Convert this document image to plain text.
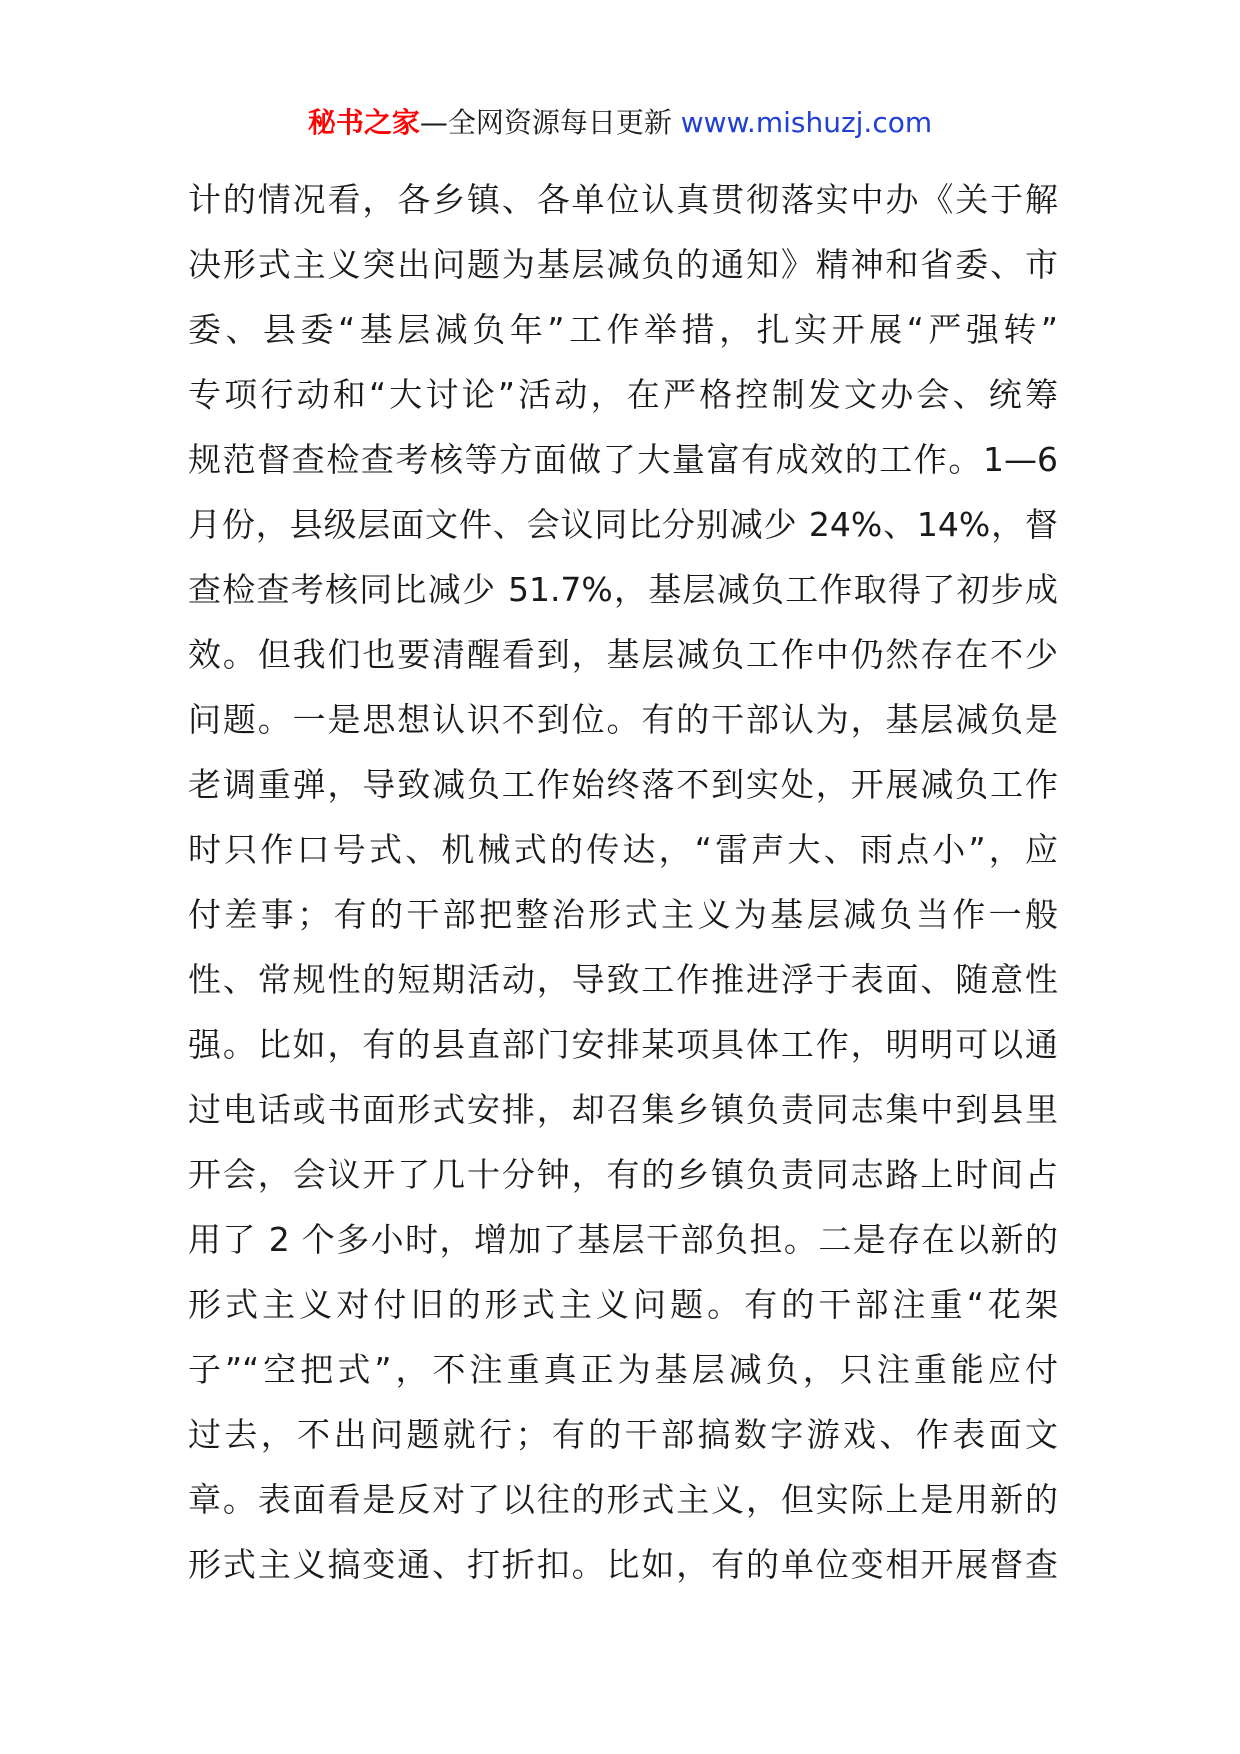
秘书之家—全网资源每日更新 www.mishuzj.com
计的情况看，各乡镇、各单位认真贯彻落实中办《关于解
决形式主义突出问题为基层减负的通知》精神和省委、市
委、县委“基层减负年”工作举措，扎实开展“严强转”
专项行动和“大讨论”活动，在严格控制发文办会、统筹
规范督查检查考核等方面做了大量富有成效的工作。1—6
月份，县级层面文件、会议同比分别减少 24%、14%，督
查检查考核同比减少 51.7%，基层减负工作取得了初步成
效。但我们也要清醒看到，基层减负工作中仍然存在不少
问题。一是思想认识不到位。有的干部认为，基层减负是
老调重弹，导致减负工作始终落不到实处，开展减负工作
时只作口号式、机械式的传达，“雷声大、雨点小”，应
付差事；有的干部把整治形式主义为基层减负当作一般
性、常规性的短期活动，导致工作推进浮于表面、随意性
强。比如，有的县直部门安排某项具体工作，明明可以通
过电话或书面形式安排，却召集乡镇负责同志集中到县里
开会，会议开了几十分钟，有的乡镇负责同志路上时间占
用了 2 个多小时，增加了基层干部负担。二是存在以新的
形式主义对付旧的形式主义问题。有的干部注重“花架
子”“空把式”，不注重真正为基层减负，只注重能应付
过去，不出问题就行；有的干部搞数字游戏、作表面文
章。表面看是反对了以往的形式主义，但实际上是用新的
形式主义搞变通、打折扣。比如，有的单位变相开展督查
